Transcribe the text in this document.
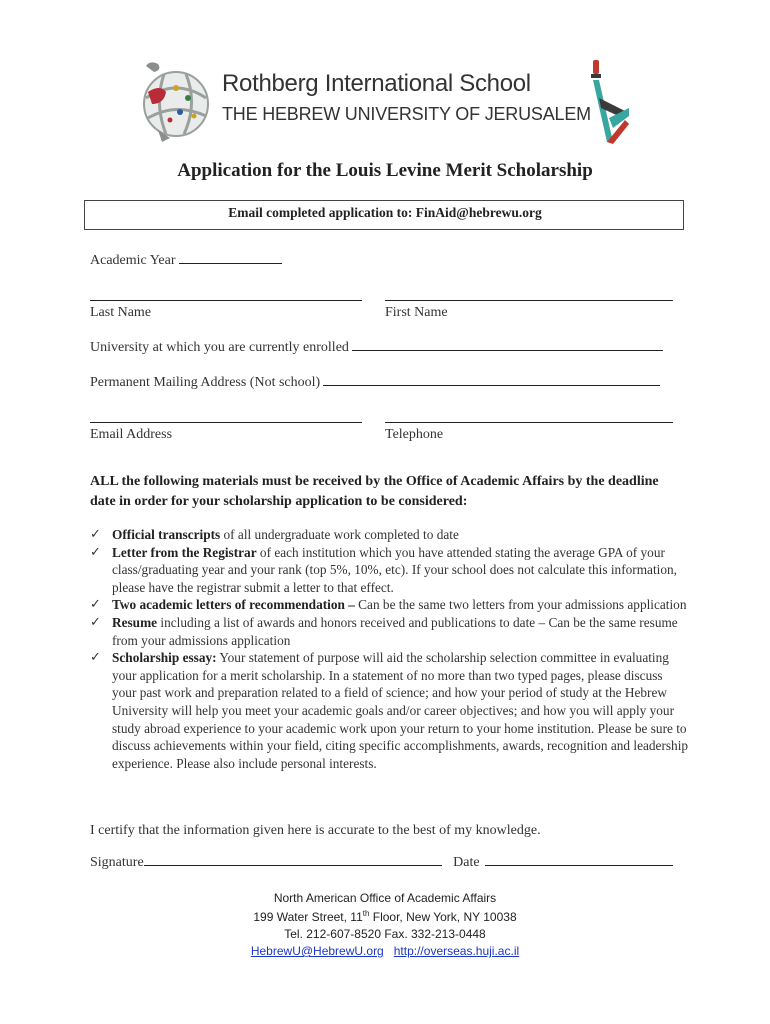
Rothberg International School
THE HEBREW UNIVERSITY OF JERUSALEM
Application for the Louis Levine Merit Scholarship
Email completed application to: FinAid@hebrewu.org
Academic Year
Last Name	First Name
University at which you are currently enrolled
Permanent Mailing Address (Not school)
Email Address	Telephone
ALL the following materials must be received by the Office of Academic Affairs by the deadline date in order for your scholarship application to be considered:
✓ Official transcripts of all undergraduate work completed to date
✓ Letter from the Registrar of each institution which you have attended stating the average GPA of your class/graduating year and your rank (top 5%, 10%, etc). If your school does not calculate this information, please have the registrar submit a letter to that effect.
✓ Two academic letters of recommendation – Can be the same two letters from your admissions application
✓ Resume including a list of awards and honors received and publications to date – Can be the same resume from your admissions application
✓ Scholarship essay: Your statement of purpose will aid the scholarship selection committee in evaluating your application for a merit scholarship. In a statement of no more than two typed pages, please discuss your past work and preparation related to a field of science; and how your period of study at the Hebrew University will help you meet your academic goals and/or career objectives; and how you will apply your study abroad experience to your academic work upon your return to your home institution. Please be sure to discuss achievements within your field, citing specific accomplishments, awards, recognition and leadership experience. Please also include personal interests.
I certify that the information given here is accurate to the best of my knowledge.
Signature	Date
North American Office of Academic Affairs
199 Water Street, 11th Floor, New York, NY 10038
Tel. 212-607-8520 Fax. 332-213-0448
HebrewU@HebrewU.org http://overseas.huji.ac.il
